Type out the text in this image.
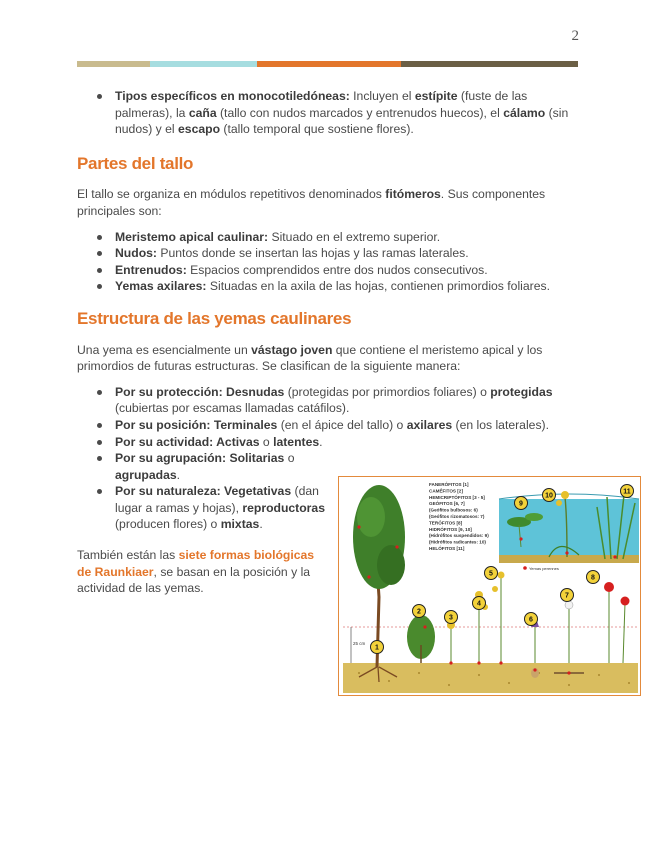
2
Tipos específicos en monocotiledóneas: Incluyen el estípite (fuste de las palmeras), la caña (tallo con nudos marcados y entrenudos huecos), el cálamo (sin nudos) y el escapo (tallo temporal que sostiene flores).
Partes del tallo

El tallo se organiza en módulos repetitivos denominados fitómeros. Sus componentes principales son:

Meristemo apical caulinar: Situado en el extremo superior.
Nudos: Puntos donde se insertan las hojas y las ramas laterales.
Entrenudos: Espacios comprendidos entre dos nudos consecutivos.
Yemas axilares: Situadas en la axila de las hojas, contienen primordios foliares.
Estructura de las yemas caulinares

Una yema es esencialmente un vástago joven que contiene el meristemo apical y los primordios de futuras estructuras. Se clasifican de la siguiente manera:

Por su protección: Desnudas (protegidas por primordios foliares) o protegidas (cubiertas por escamas llamadas catáfilos).
Por su posición: Terminales (en el ápice del tallo) o axilares (en los laterales).
Por su actividad: Activas o latentes.
Por su agrupación: Solitarias o agrupadas.
Por su naturaleza: Vegetativas (dan lugar a ramas y hojas), reproductoras (producen flores) o mixtas.

También están las siete formas biológicas de Raunkiaer, se basan en la posición y la actividad de las yemas.

FANERÓFITOS [1]
CAMÉFITOS [2]
HEMICRIPTÓFITOS [3 - 5]
GEÓFITOS [6, 7]
(Geófitos bulbosos: 6)
(Geófitos rizomatosos: 7)
TERÓFITOS [8]
HIDRÓFITOS [9, 10]
(Hidrófitos suspendidos: 9)
(Hidrófitos radicantes: 10)
HELÓFITOS [11]
25 cm
Yemas perennes
1
2
3
4
5
6
7
8
9
10
11
